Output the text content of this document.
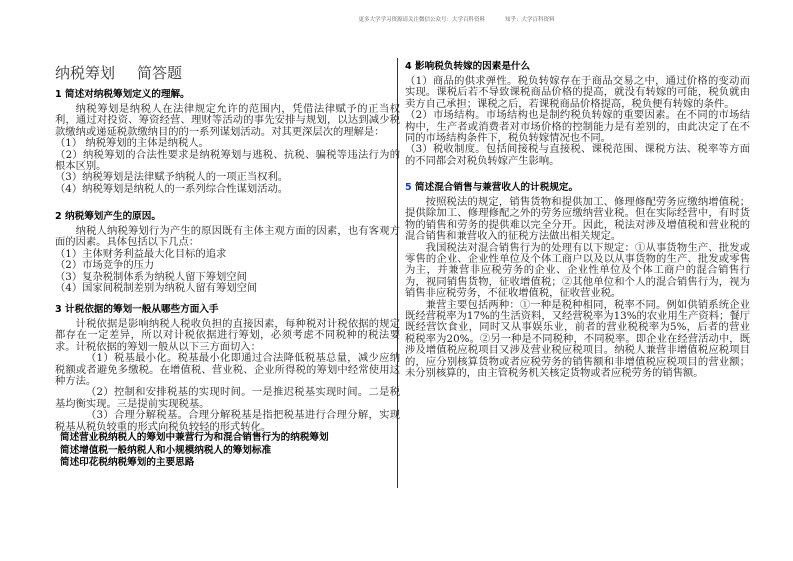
更多大学学习资源请关注微信公众号：大学百科资料	知乎：大学百科资料
纳税筹划 简答题
1 简述对纳税筹划定义的理解。

纳税筹划是纳税人在法律规定允许的范围内，凭借法律赋予的正当权利，通过对投资、筹资经营、理财等活动的事先安排与规划，以达到减少税款缴纳或递延税款缴纳目的的一系列谋划活动。对其更深层次的理解是：

（1） 纳税筹划的主体是纳税人。

（2）纳税筹划的合法性要求是纳税筹划与逃税、抗税、骗税等违法行为的根本区别。

（3）纳税筹划是法律赋予纳税人的一项正当权利。

（4）纳税筹划是纳税人的一系列综合性谋划活动。

2 纳税筹划产生的原因。

纳税人纳税筹划行为产生的原因既有主体主观方面的因素，也有客观方面的因素。具体包括以下几点：

（1）主体财务利益最大化目标的追求

（2）市场竞争的压力

（3）复杂税制体系为纳税人留下筹划空间

（4）国家间税制差别为纳税人留有筹划空间

3 计税依据的筹划一般从哪些方面入手

计税依据是影响纳税人税收负担的直接因素，每种税对计税依据的规定都存在一定差异，所以对计税依据进行筹划，必须考虑不同税种的税法要求。计税依据的筹划一般从以下三方面切入：

（1）税基最小化。税基最小化即通过合法降低税基总量，减少应纳税额或者避免多缴税。在增值税、营业税、企业所得税的筹划中经常使用这种方法。

（2）控制和安排税基的实现时间。一是推迟税基实现时间。二是税基均衡实现。三是提前实现税基。

（3）合理分解税基。合理分解税基是指把税基进行合理分解，实现税基从税负较重的形式向税负较轻的形式转化。

简述营业税纳税人的筹划中兼营行为和混合销售行为的纳税筹划
简述增值税一般纳税人和小规模纳税人的筹划标准
简述印花税纳税筹划的主要思路
4 影响税负转嫁的因素是什么

（1）商品的供求弹性。税负转嫁存在于商品交易之中，通过价格的变动而实现。课税后若不导致课税商品价格的提高，就没有转嫁的可能，税负就由卖方自己承担；课税之后，若课税商品价格提高，税负便有转嫁的条件。

（2）市场结构。市场结构也是制约税负转嫁的重要因素。在不同的市场结构中，生产者或消费者对市场价格的控制能力是有差别的，由此决定了在不同的市场结构条件下，税负转嫁情况也不同。

（3）税收制度。包括间接税与直接税、课税范围、课税方法、税率等方面的不同都会对税负转嫁产生影响。

5 简述混合销售与兼营收人的计税规定。

按照税法的规定，销售货物和提供加工、修理修配劳务应缴纳增值税；提供除加工、修理修配之外的劳务应缴纳营业税。但在实际经营中，有时货物的销售和劳务的提供难以完全分开。因此，税法对涉及增值税和营业税的混合销售和兼营收入的征税方法做出相关规定。

我国税法对混合销售行为的处理有以下规定：①从事货物生产、批发或零售的企业、企业性单位及个体工商户以及以从事货物的生产、批发或零售为主，并兼营非应税劳务的企业、企业性单位及个体工商户的混合销售行为，视同销售货物，征收增值税；②其他单位和个人的混合销售行为，视为销售非应税劳务，不征收增值税，征收营业税。

兼营主要包括两种：①一种是税种相同，税率不同。例如供销系统企业既经营税率为17%的生活资料，又经营税率为13%的农业用生产资料；餐厅既经营饮食业，同时又从事娱乐业，前者的营业税税率为5%，后者的营业税税率为20%。②另一种是不同税种，不同税率。即企业在经营活动中，既涉及增值税应税项目又涉及营业税应税项目。纳税人兼营非增值税应税项目的，应分别核算货物或者应税劳务的销售额和非增值税应税项目的营业额；未分别核算的，由主管税务机关核定货物或者应税劳务的销售额。
